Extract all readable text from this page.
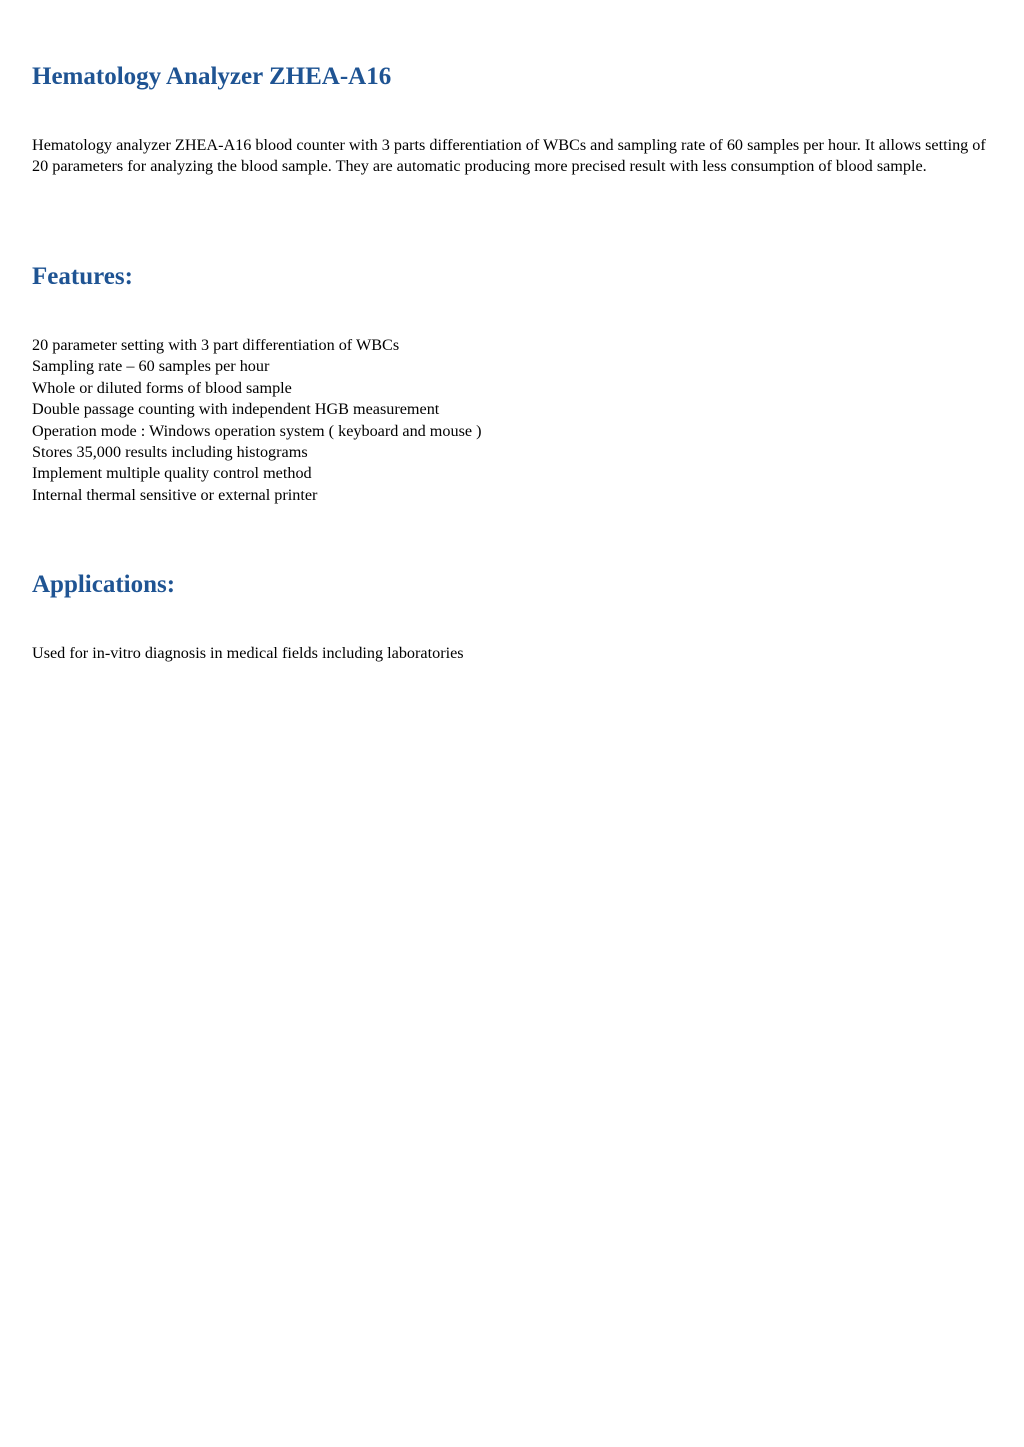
Hematology Analyzer ZHEA-A16

Hematology analyzer ZHEA-A16 blood counter with 3 parts differentiation of WBCs and sampling rate of 60 samples per hour. It allows setting of 20 parameters for analyzing the blood sample. They are automatic producing more precised result with less consumption of blood sample.

Features:
20 parameter setting with 3 part differentiation of WBCs
Sampling rate – 60 samples per hour
Whole or diluted forms of blood sample
Double passage counting with independent HGB measurement
Operation mode : Windows operation system ( keyboard and mouse )
Stores 35,000 results including histograms
Implement multiple quality control method
Internal thermal sensitive or external printer
Applications:

Used for in-vitro diagnosis in medical fields including laboratories
